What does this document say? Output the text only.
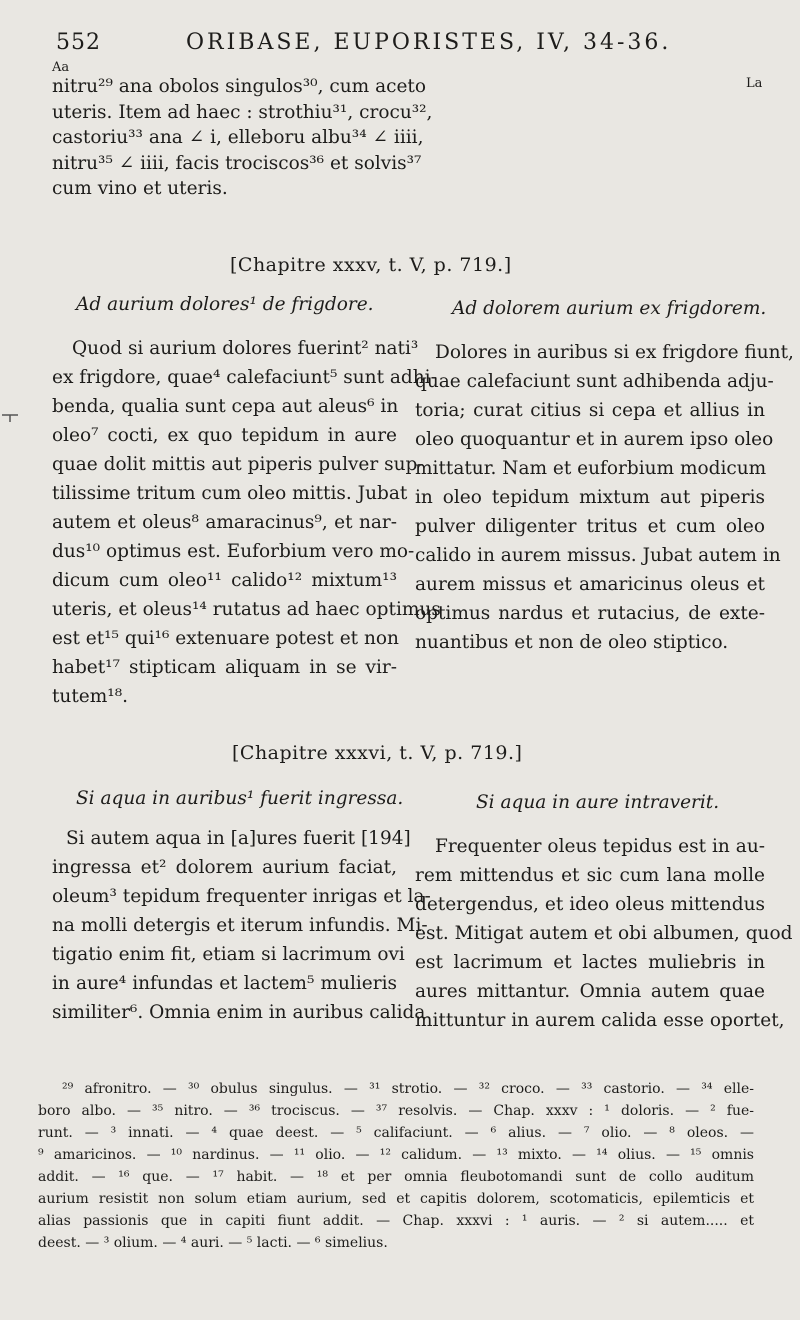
552	ORIBASE, EUPORISTES, IV, 34-36.
Aa
La
nitru²⁹ ana obolos singulos³⁰, cum aceto
uteris. Item ad haec : strothiu³¹, crocu³²,
castoriu³³ ana ∠ i, elleboru albu³⁴ ∠ iiii,
nitru³⁵ ∠ iiii, facis trociscos³⁶ et solvis³⁷
cum vino et uteris.
[Chapitre xxxv, t. V, p. 719.]
Ad aurium dolores¹ de frigdore.	Ad dolorem aurium ex frigdorem.
Quod si aurium dolores fuerint² nati³
ex frigdore, quae⁴ calefaciunt⁵ sunt adhi-
benda, qualia sunt cepa aut aleus⁶ in
oleo⁷ cocti, ex quo tepidum in aure
quae dolit mittis aut piperis pulver sup-
tilissime tritum cum oleo mittis. Jubat
autem et oleus⁸ amaracinus⁹, et nar-
dus¹⁰ optimus est. Euforbium vero mo-
dicum cum oleo¹¹ calido¹² mixtum¹³
uteris, et oleus¹⁴ rutatus ad haec optimus
est et¹⁵ qui¹⁶ extenuare potest et non
habet¹⁷ stipticam aliquam in se vir-
tutem¹⁸.
Dolores in auribus si ex frigdore fiunt,
quae calefaciunt sunt adhibenda adju-
toria; curat citius si cepa et allius in
oleo quoquantur et in aurem ipso oleo
mittatur. Nam et euforbium modicum
in oleo tepidum mixtum aut piperis
pulver diligenter tritus et cum oleo
calido in aurem missus. Jubat autem in
aurem missus et amaricinus oleus et
optimus nardus et rutacius, de exte-
nuantibus et non de oleo stiptico.
[Chapitre xxxvi, t. V, p. 719.]
Si aqua in auribus¹ fuerit ingressa.	Si aqua in aure intraverit.
Si autem aqua in [a]ures fuerit [194]
ingressa et² dolorem aurium faciat,
oleum³ tepidum frequenter inrigas et la-
na molli detergis et iterum infundis. Mi-
tigatio enim fit, etiam si lacrimum ovi
in aure⁴ infundas et lactem⁵ mulieris
similiter⁶. Omnia enim in auribus calida
Frequenter oleus tepidus est in au-
rem mittendus et sic cum lana molle
detergendus, et ideo oleus mittendus
est. Mitigat autem et obi albumen, quod
est lacrimum et lactes muliebris in
aures mittantur. Omnia autem quae
mittuntur in aurem calida esse oportet,
²⁹ afronitro. — ³⁰ obulus singulus. — ³¹ strotio. — ³² croco. — ³³ castorio. — ³⁴ elle-
boro albo. — ³⁵ nitro. — ³⁶ trociscus. — ³⁷ resolvis. — Chap. xxxv : ¹ doloris. — ² fue-
runt. — ³ innati. — ⁴ quae deest. — ⁵ califaciunt. — ⁶ alius. — ⁷ olio. — ⁸ oleos. —
⁹ amaricinos. — ¹⁰ nardinus. — ¹¹ olio. — ¹² calidum. — ¹³ mixto. — ¹⁴ olius. — ¹⁵ omnis
addit. — ¹⁶ que. — ¹⁷ habit. — ¹⁸ et per omnia fleubotomandi sunt de collo auditum
aurium resistit non solum etiam aurium, sed et capitis dolorem, scotomaticis, epilemticis et
alias passionis que in capiti fiunt addit. — Chap. xxxvi : ¹ auris. — ² si autem..... et
deest. — ³ olium. — ⁴ auri. — ⁵ lacti. — ⁶ simelius.
